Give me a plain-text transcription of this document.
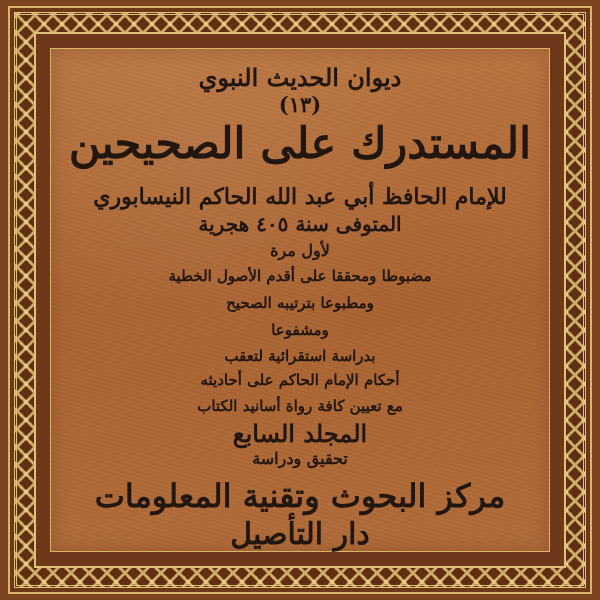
ديوان الحديث النبوي
(١٣)
المستدرك على الصحيحين
للإمام الحافظ أبي عبد الله الحاكم النيسابوري
المتوفى سنة ٤٠٥ هجرية
لأول مرة
مضبوطا ومحققا على أقدم الأصول الخطية
ومطبوعا بترتيبه الصحيح
ومشفوعا
بدراسة استقرائية لتعقب
أحكام الإمام الحاكم على أحاديثه
مع تعيين كافة رواة أسانيد الكتاب
المجلد السابع
تحقيق ودراسة
مركز البحوث وتقنية المعلومات
دار التأصيل
